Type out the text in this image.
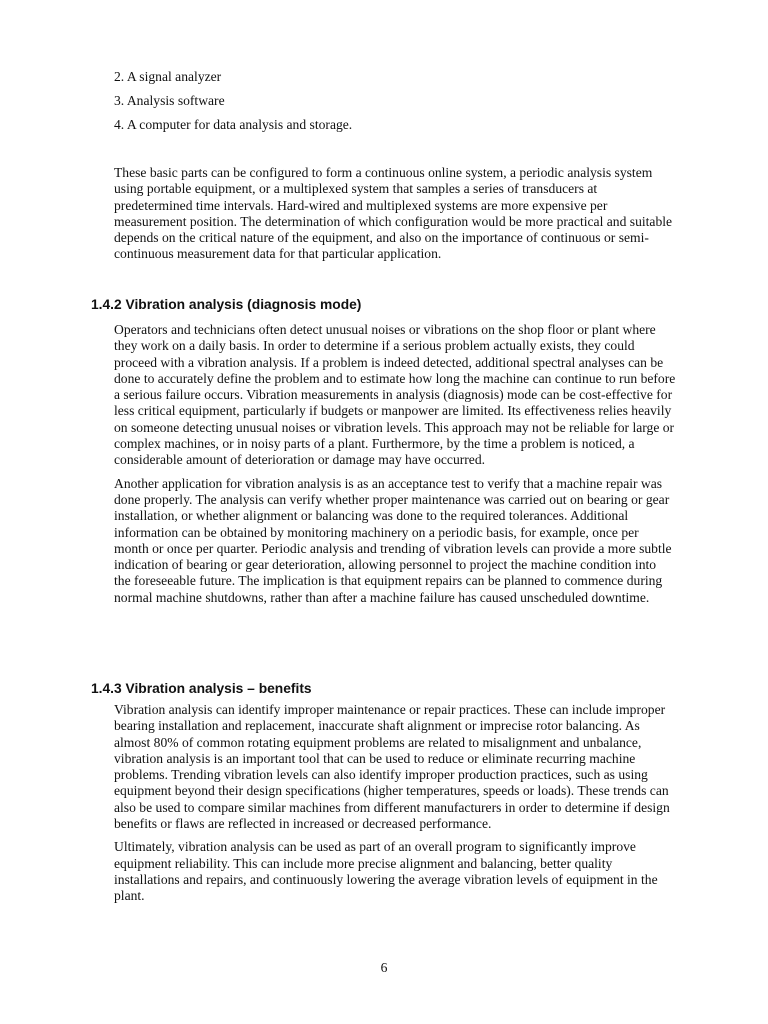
2. A signal analyzer
3. Analysis software
4. A computer for data analysis and storage.

These basic parts can be configured to form a continuous online system, a periodic analysis system using portable equipment, or a multiplexed system that samples a series of transducers at predetermined time intervals. Hard-wired and multiplexed systems are more expensive per measurement position. The determination of which configuration would be more practical and suitable depends on the critical nature of the equipment, and also on the importance of continuous or semi-continuous measurement data for that particular application.

1.4.2 Vibration analysis (diagnosis mode)

Operators and technicians often detect unusual noises or vibrations on the shop floor or plant where they work on a daily basis. In order to determine if a serious problem actually exists, they could proceed with a vibration analysis. If a problem is indeed detected, additional spectral analyses can be done to accurately define the problem and to estimate how long the machine can continue to run before a serious failure occurs. Vibration measurements in analysis (diagnosis) mode can be cost-effective for less critical equipment, particularly if budgets or manpower are limited. Its effectiveness relies heavily on someone detecting unusual noises or vibration levels. This approach may not be reliable for large or complex machines, or in noisy parts of a plant. Furthermore, by the time a problem is noticed, a considerable amount of deterioration or damage may have occurred.

Another application for vibration analysis is as an acceptance test to verify that a machine repair was done properly. The analysis can verify whether proper maintenance was carried out on bearing or gear installation, or whether alignment or balancing was done to the required tolerances. Additional information can be obtained by monitoring machinery on a periodic basis, for example, once per month or once per quarter. Periodic analysis and trending of vibration levels can provide a more subtle indication of bearing or gear deterioration, allowing personnel to project the machine condition into the foreseeable future. The implication is that equipment repairs can be planned to commence during normal machine shutdowns, rather than after a machine failure has caused unscheduled downtime.

1.4.3 Vibration analysis – benefits

Vibration analysis can identify improper maintenance or repair practices. These can include improper bearing installation and replacement, inaccurate shaft alignment or imprecise rotor balancing. As almost 80% of common rotating equipment problems are related to misalignment and unbalance, vibration analysis is an important tool that can be used to reduce or eliminate recurring machine problems. Trending vibration levels can also identify improper production practices, such as using equipment beyond their design specifications (higher temperatures, speeds or loads). These trends can also be used to compare similar machines from different manufacturers in order to determine if design benefits or flaws are reflected in increased or decreased performance.

Ultimately, vibration analysis can be used as part of an overall program to significantly improve equipment reliability. This can include more precise alignment and balancing, better quality installations and repairs, and continuously lowering the average vibration levels of equipment in the plant.

6
